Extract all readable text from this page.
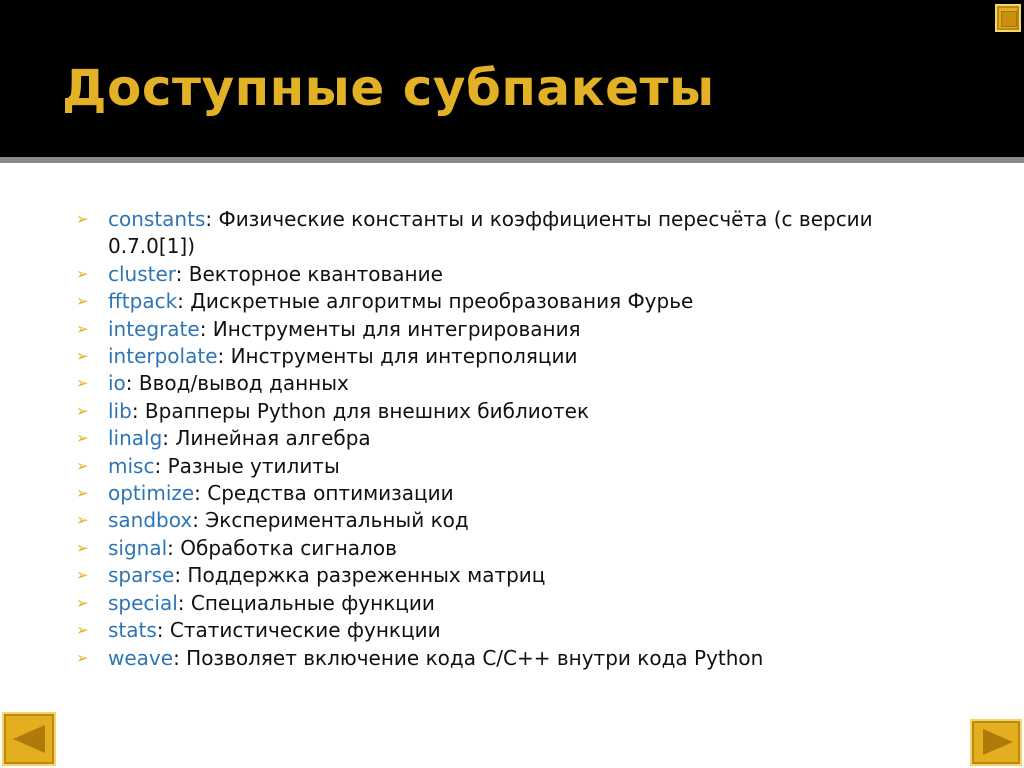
Доступные субпакеты
➢ constants: Физические константы и коэффициенты пересчёта (с версии 0.7.0[1])
➢ cluster: Векторное квантование
➢ fftpack: Дискретные алгоритмы преобразования Фурье
➢ integrate: Инструменты для интегрирования
➢ interpolate: Инструменты для интерполяции
➢ io: Ввод/вывод данных
➢ lib: Врапперы Python для внешних библиотек
➢ linalg: Линейная алгебра
➢ misc: Разные утилиты
➢ optimize: Средства оптимизации
➢ sandbox: Экспериментальный код
➢ signal: Обработка сигналов
➢ sparse: Поддержка разреженных матриц
➢ special: Специальные функции
➢ stats: Статистические функции
➢ weave: Позволяет включение кода C/C++ внутри кода Python
